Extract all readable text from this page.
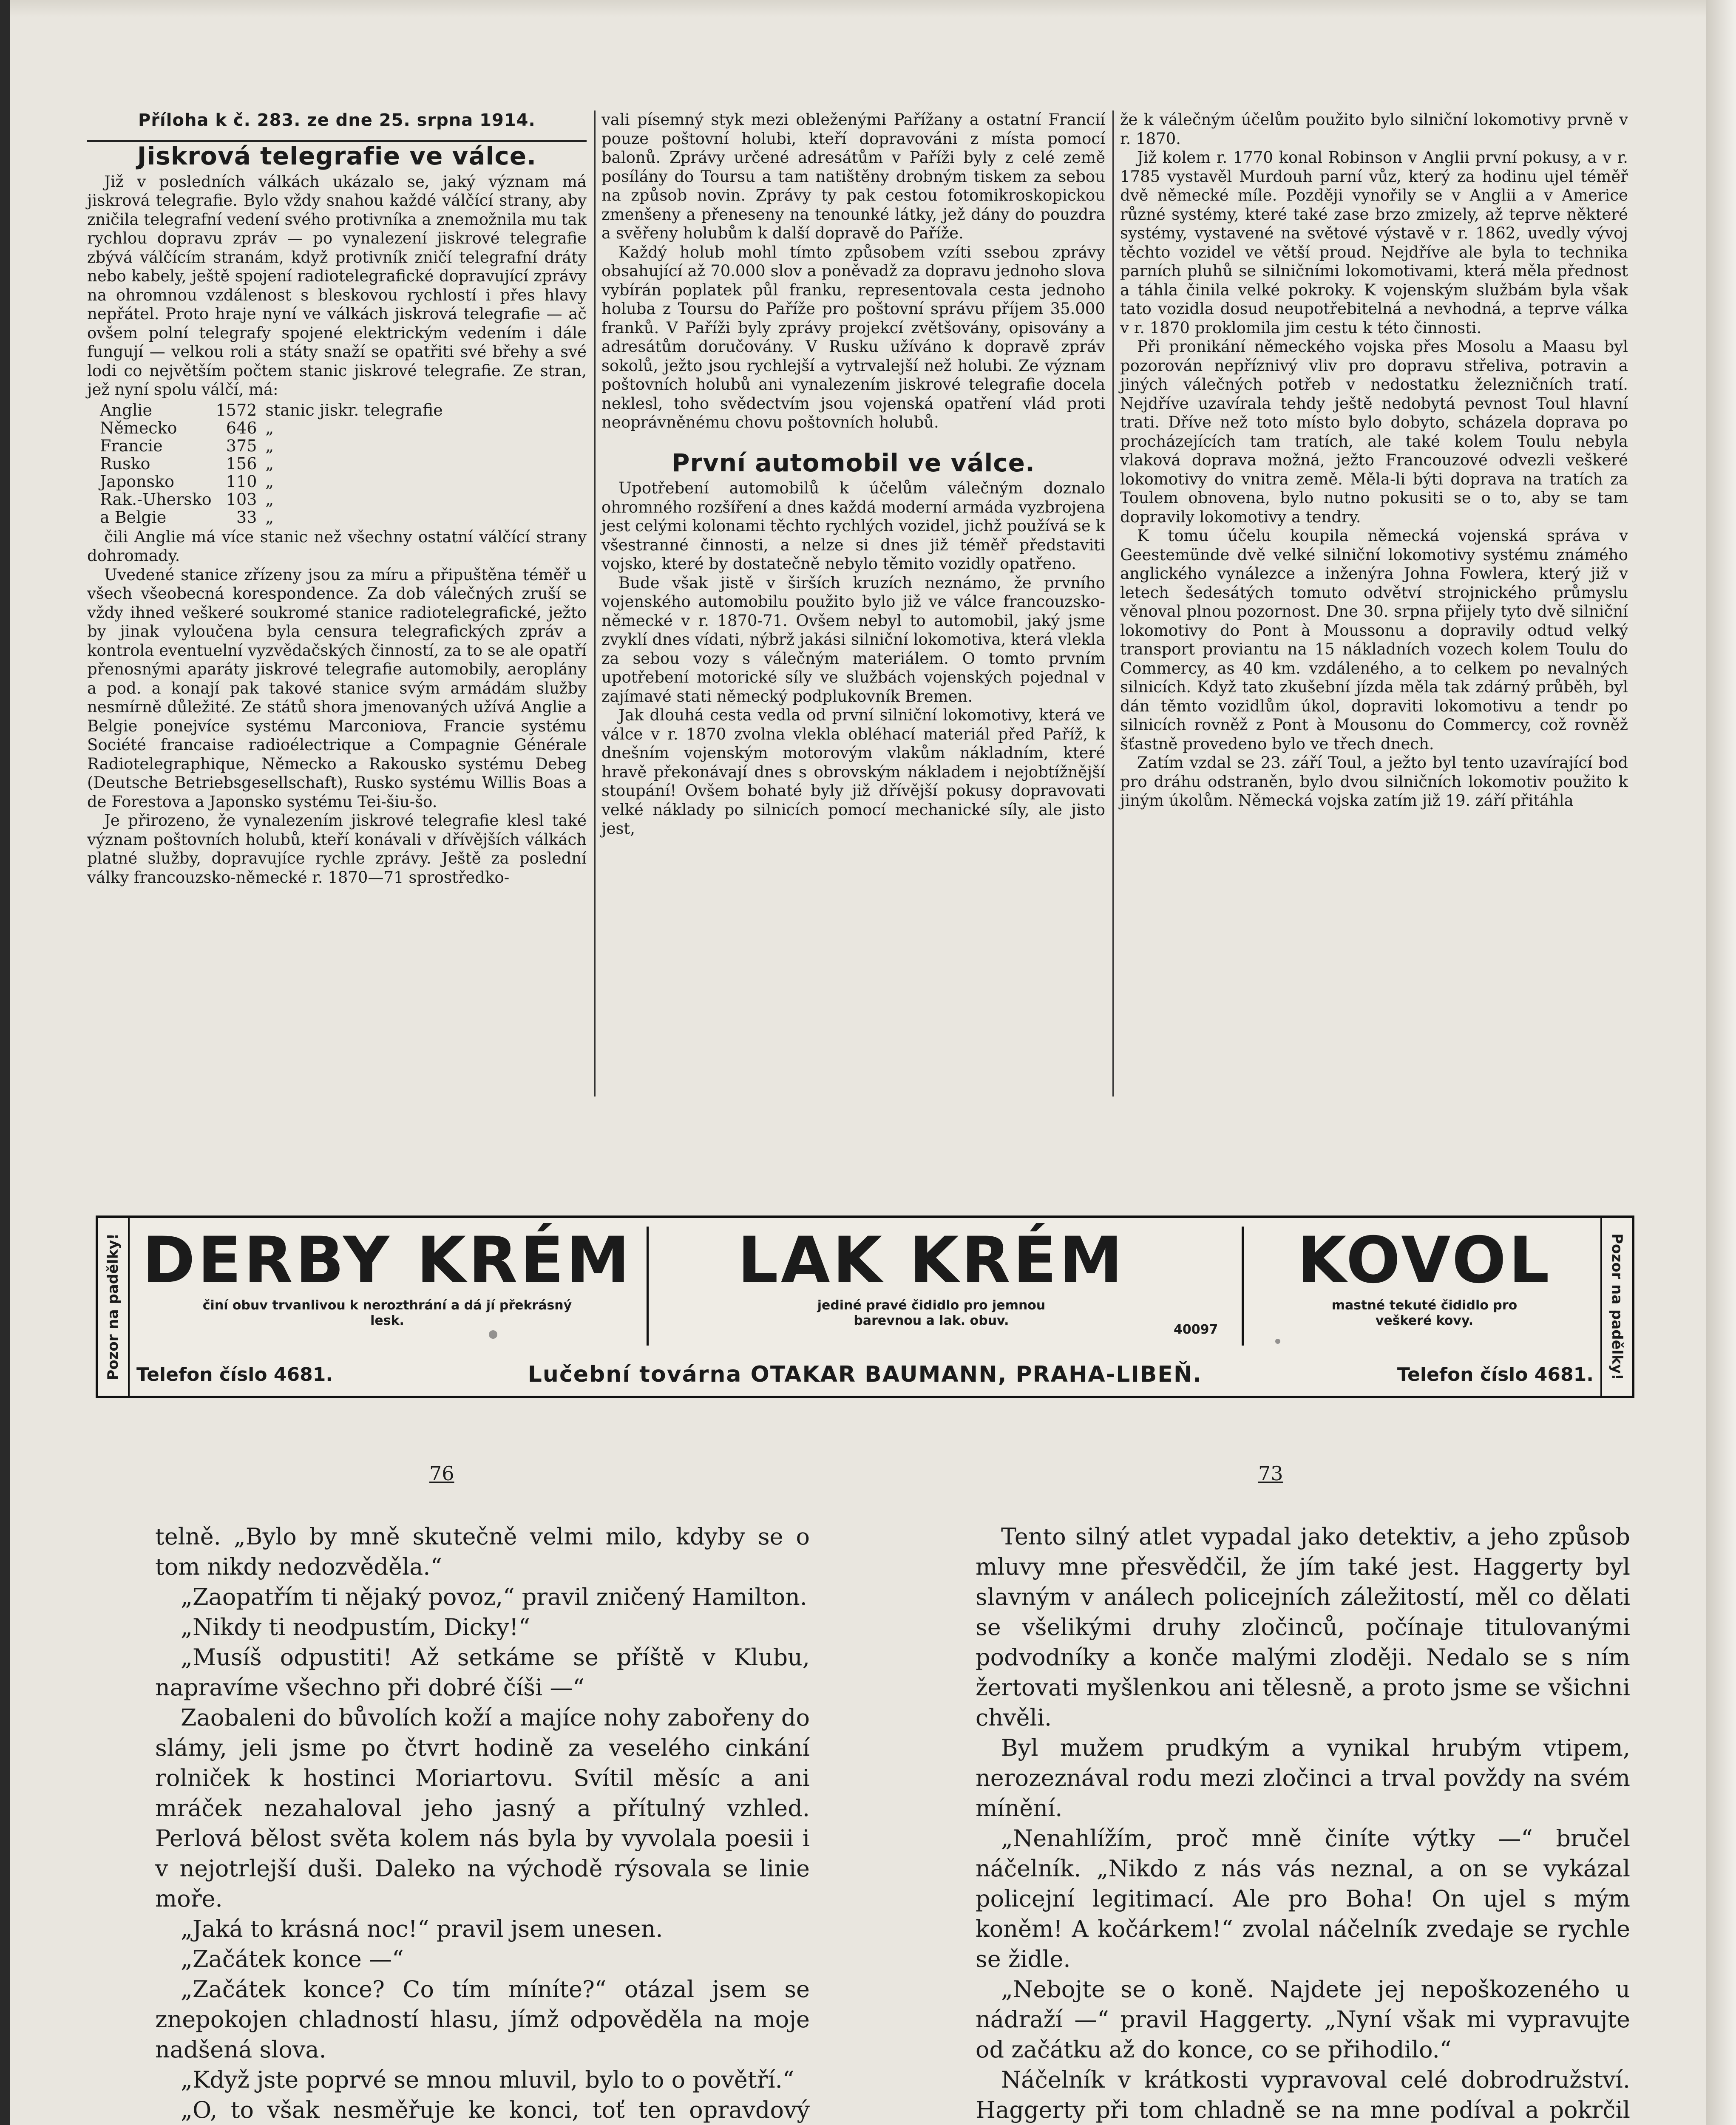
Příloha k č. 283. ze dne 25. srpna 1914.
Jiskrová telegrafie ve válce.

Již v posledních válkách ukázalo se, jaký význam má jiskrová telegrafie. Bylo vždy snahou každé válčící strany, aby zničila telegrafní vedení svého protivníka a znemožnila mu tak rychlou dopravu zpráv — po vynalezení jiskrové telegrafie zbývá válčícím stranám, když protivník zničí telegrafní dráty nebo kabely, ještě spojení radiotelegrafické dopravující zprávy na ohromnou vzdálenost s bleskovou rychlostí i přes hlavy nepřátel. Proto hraje nyní ve válkách jiskrová telegrafie — ač ovšem polní telegrafy spojené elektrickým vedením i dále fungují — velkou roli a státy snaží se opatřiti své břehy a své lodi co největším počtem stanic jiskrové telegrafie. Ze stran, jež nyní spolu válčí, má:

Anglie	1572	stanic jiskr. telegrafie
Německo	646	„
Francie	375	„
Rusko	156	„
Japonsko	110	„
Rak.-Uhersko	103	„
a Belgie	33	„

čili Anglie má více stanic než všechny ostatní válčící strany dohromady.

Uvedené stanice zřízeny jsou za míru a připuštěna téměř u všech všeobecná korespondence. Za dob válečných zruší se vždy ihned veškeré soukromé stanice radiotelegrafické, ježto by jinak vyloučena byla censura telegrafických zpráv a kontrola eventuelní vyzvědačských činností, za to se ale opatří přenosnými aparáty jiskrové telegrafie automobily, aeroplány a pod. a konají pak takové stanice svým armádám služby nesmírně důležité. Ze států shora jmenovaných užívá Anglie a Belgie ponejvíce systému Marconiova, Francie systému Société francaise radioélectrique a Compagnie Générale Radiotelegraphique, Německo a Rakousko systému Debeg (Deutsche Betriebsgesellschaft), Rusko systému Willis Boas a de Forestova a Japonsko systému Tei-šiu-šo.

Je přirozeno, že vynalezením jiskrové telegrafie klesl také význam poštovních holubů, kteří konávali v dřívějších válkách platné služby, dopravujíce rychle zprávy. Ještě za poslední války francouzsko-německé r. 1870—71 sprostředko-

vali písemný styk mezi obleženými Pařížany a ostatní Francií pouze poštovní holubi, kteří dopravováni z místa pomocí balonů. Zprávy určené adresátům v Paříži byly z celé země posílány do Toursu a tam natištěny drobným tiskem za sebou na způsob novin. Zprávy ty pak cestou fotomikroskopickou zmenšeny a přeneseny na tenounké látky, jež dány do pouzdra a svěřeny holubům k další dopravě do Paříže.

Každý holub mohl tímto způsobem vzíti ssebou zprávy obsahující až 70.000 slov a poněvadž za dopravu jednoho slova vybírán poplatek půl franku, representovala cesta jednoho holuba z Toursu do Paříže pro poštovní správu příjem 35.000 franků. V Paříži byly zprávy projekcí zvětšovány, opisovány a adresátům doručovány. V Rusku užíváno k dopravě zpráv sokolů, ježto jsou rychlejší a vytrvalejší než holubi. Ze význam poštovních holubů ani vynalezením jiskrové telegrafie docela neklesl, toho svědectvím jsou vojenská opatření vlád proti neoprávněnému chovu poštovních holubů.

První automobil ve válce.

Upotřebení automobilů k účelům válečným doznalo ohromného rozšíření a dnes každá moderní armáda vyzbrojena jest celými kolonami těchto rychlých vozidel, jichž používá se k všestranné činnosti, a nelze si dnes již téměř představiti vojsko, které by dostatečně nebylo těmito vozidly opatřeno.

Bude však jistě v širších kruzích neznámo, že prvního vojenského automobilu použito bylo již ve válce francouzsko-německé v r. 1870-71. Ovšem nebyl to automobil, jaký jsme zvyklí dnes vídati, nýbrž jakási silniční lokomotiva, která vlekla za sebou vozy s válečným materiálem. O tomto prvním upotřebení motorické síly ve službách vojenských pojednal v zajímavé stati německý podplukovník Bremen.

Jak dlouhá cesta vedla od první silniční lokomotivy, která ve válce v r. 1870 zvolna vlekla obléhací materiál před Paříž, k dnešním vojenským motorovým vlakům nákladním, které hravě překonávají dnes s obrovským nákladem i nejobtížnější stoupání! Ovšem bohaté byly již dřívější pokusy dopravovati velké náklady po silnicích pomocí mechanické síly, ale jisto jest,

že k válečným účelům použito bylo silniční lokomotivy prvně v r. 1870.

Již kolem r. 1770 konal Robinson v Anglii první pokusy, a v r. 1785 vystavěl Murdouh parní vůz, který za hodinu ujel téměř dvě německé míle. Později vynořily se v Anglii a v Americe různé systémy, které také zase brzo zmizely, až teprve některé systémy, vystavené na světové výstavě v r. 1862, uvedly vývoj těchto vozidel ve větší proud. Nejdříve ale byla to technika parních pluhů se silničními lokomotivami, která měla přednost a táhla činila velké pokroky. K vojenským službám byla však tato vozidla dosud neupotřebitelná a nevhodná, a teprve válka v r. 1870 proklomila jim cestu k této činnosti.

Při pronikání německého vojska přes Mosolu a Maasu byl pozorován nepříznivý vliv pro dopravu střeliva, potravin a jiných válečných potřeb v nedostatku železničních tratí. Nejdříve uzavírala tehdy ještě nedobytá pevnost Toul hlavní trati. Dříve než toto místo bylo dobyto, scházela doprava po procházejících tam tratích, ale také kolem Toulu nebyla vlaková doprava možná, ježto Francouzové odvezli veškeré lokomotivy do vnitra země. Měla-li býti doprava na tratích za Toulem obnovena, bylo nutno pokusiti se o to, aby se tam dopravily lokomotivy a tendry.

K tomu účelu koupila německá vojenská správa v Geestemünde dvě velké silniční lokomotivy systému známého anglického vynálezce a inženýra Johna Fowlera, který již v letech šedesátých tomuto odvětví strojnického průmyslu věnoval plnou pozornost. Dne 30. srpna přijely tyto dvě silniční lokomotivy do Pont à Moussonu a dopravily odtud velký transport proviantu na 15 nákladních vozech kolem Toulu do Commercy, as 40 km. vzdáleného, a to celkem po nevalných silnicích. Když tato zkušební jízda měla tak zdárný průběh, byl dán těmto vozidlům úkol, dopraviti lokomotivu a tendr po silnicích rovněž z Pont à Mousonu do Commercy, což rovněž šťastně provedeno bylo ve třech dnech.

Zatím vzdal se 23. září Toul, a ježto byl tento uzavírající bod pro dráhu odstraněn, bylo dvou silničních lokomotiv použito k jiným úkolům. Německá vojska zatím již 19. září přitáhla

Pozor na padělky!	Pozor na padělky!
DERBY KRÉM
činí obuv trvanlivou k nerozthrání a dá jí překrásný lesk.
LAK KRÉM
jediné pravé čididlo pro jemnou barevnou a lak. obuv.
40097
KOVOL
mastné tekuté čididlo pro veškeré kovy.
Telefon číslo 4681.	Lučební továrna OTAKAR BAUMANN, PRAHA-LIBEŇ.	Telefon číslo 4681.
76	73

telně. „Bylo by mně skutečně velmi milo, kdyby se o tom nikdy nedozvěděla.“

„Zaopatřím ti nějaký povoz,“ pravil zničený Hamilton.

„Nikdy ti neodpustím, Dicky!“

„Musíš odpustiti! Až setkáme se příště v Klubu, napravíme všechno při dobré číši —“

Zaobaleni do bůvolích koží a majíce nohy zabořeny do slámy, jeli jsme po čtvrt hodině za veselého cinkání rolniček k hostinci Moriartovu. Svítil měsíc a ani mráček nezahaloval jeho jasný a přítulný vzhled. Perlová bělost světa kolem nás byla by vyvolala poesii i v nejotrlejší duši. Daleko na východě rýsovala se linie moře.

„Jaká to krásná noc!“ pravil jsem unesen.

„Začátek konce —“

„Začátek konce? Co tím míníte?“ otázal jsem se znepokojen chladností hlasu, jímž odpověděla na moje nadšená slova.

„Když jste poprvé se mnou mluvil, bylo to o povětří.“

„O, to však nesměřuje ke konci, toť ten opravdový

Tento silný atlet vypadal jako detektiv, a jeho způsob mluvy mne přesvědčil, že jím také jest. Haggerty byl slavným v análech policejních záležitostí, měl co dělati se všelikými druhy zločinců, počínaje titulovanými podvodníky a konče malými zloději. Nedalo se s ním žertovati myšlenkou ani tělesně, a proto jsme se všichni chvěli.

Byl mužem prudkým a vynikal hrubým vtipem, nerozeznával rodu mezi zločinci a trval povždy na svém mínění.

„Nenahlížím, proč mně činíte výtky —“ bručel náčelník. „Nikdo z nás vás neznal, a on se vykázal policejní legitimací. Ale pro Boha! On ujel s mým koněm! A kočárkem!“ zvolal náčelník zvedaje se rychle se židle.

„Nebojte se o koně. Najdete jej nepoškozeného u nádraží —“ pravil Haggerty. „Nyní však mi vypravujte od začátku až do konce, co se přihodilo.“

Náčelník v krátkosti vypravoval celé dobrodružství. Haggerty při tom chladně se na mne podíval a pokrčil
